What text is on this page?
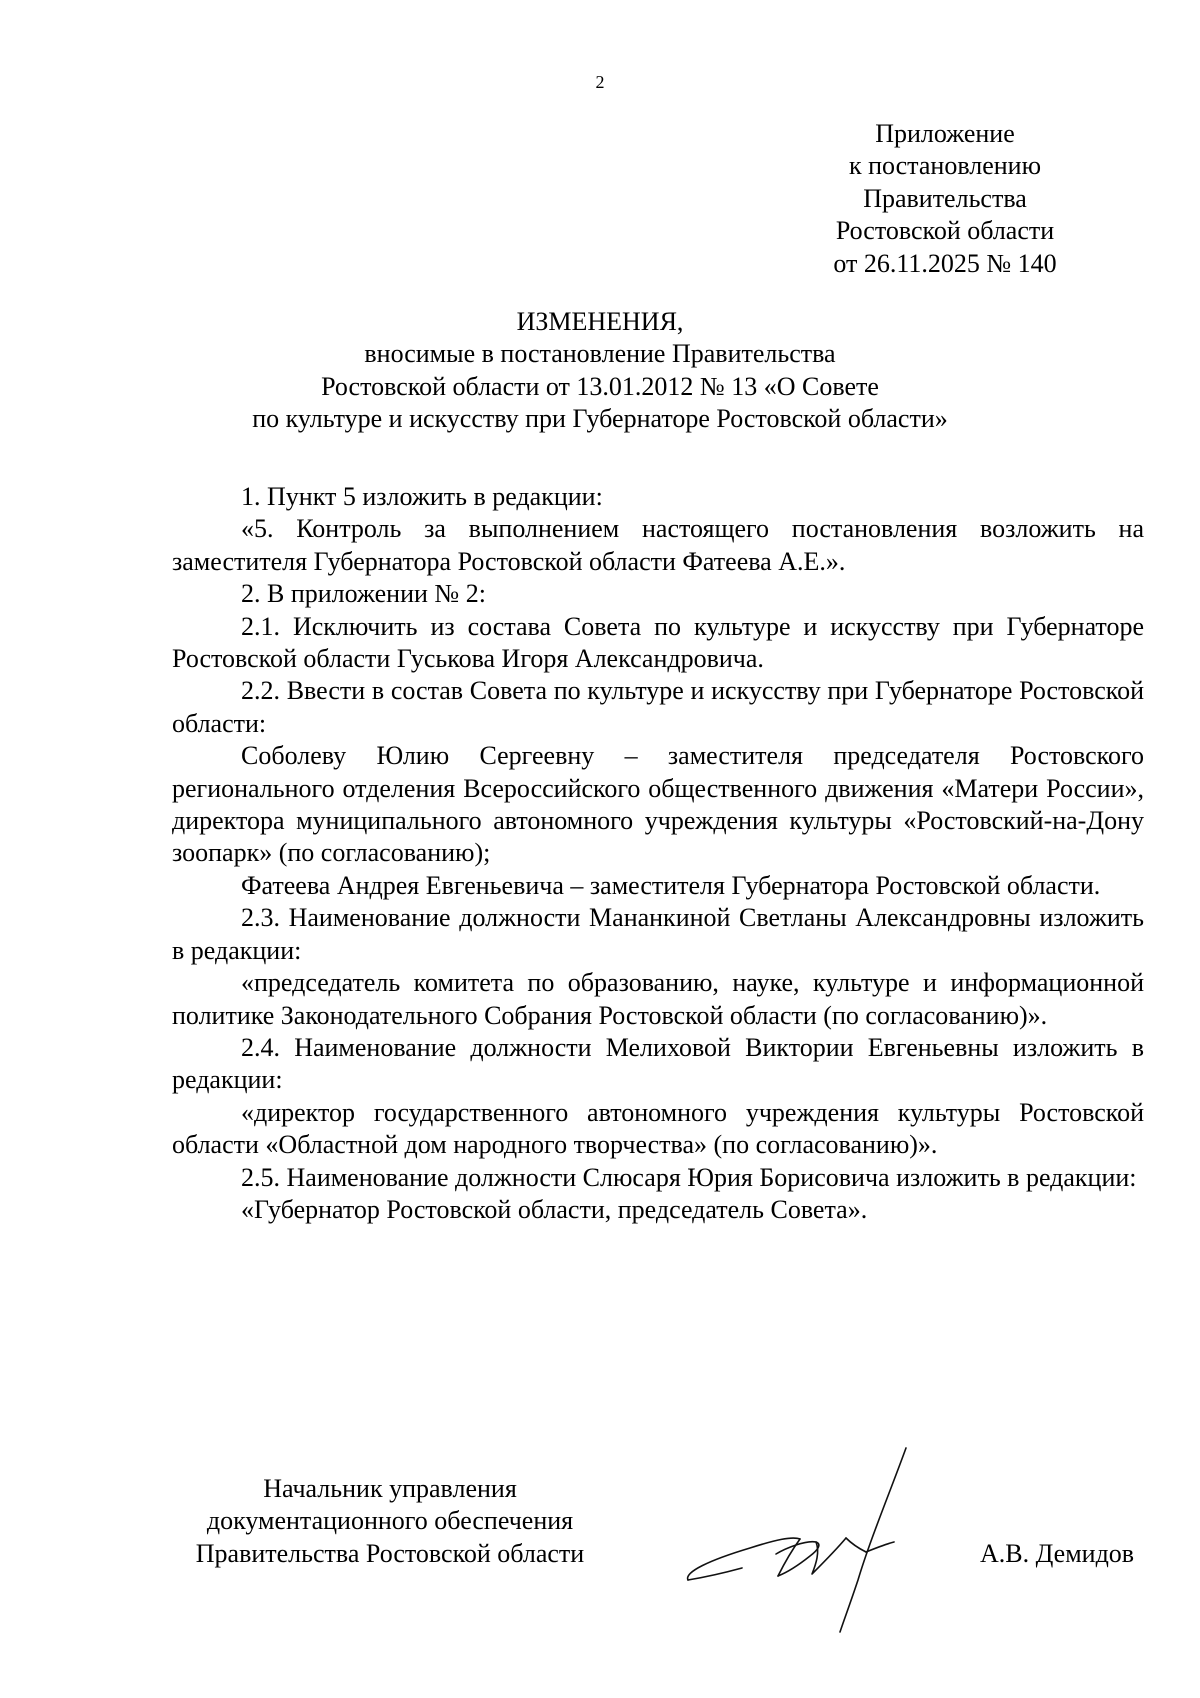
2
Приложение
к постановлению
Правительства
Ростовской области
от 26.11.2025 № 140
ИЗМЕНЕНИЯ,
вносимые в постановление Правительства
Ростовской области от 13.01.2012 № 13 «О Совете
по культуре и искусству при Губернаторе Ростовской области»

1. Пункт 5 изложить в редакции:

«5. Контроль за выполнением настоящего постановления возложить на заместителя Губернатора Ростовской области Фатеева А.Е.».

2. В приложении № 2:

2.1. Исключить из состава Совета по культуре и искусству при Губернаторе Ростовской области Гуськова Игоря Александровича.

2.2. Ввести в состав Совета по культуре и искусству при Губернаторе Ростовской области:

Соболеву Юлию Сергеевну – заместителя председателя Ростовского регионального отделения Всероссийского общественного движения «Матери России», директора муниципального автономного учреждения культуры «Ростовский-на-Дону зоопарк» (по согласованию);

Фатеева Андрея Евгеньевича – заместителя Губернатора Ростовской области.

2.3. Наименование должности Мананкиной Светланы Александровны изложить в редакции:

«председатель комитета по образованию, науке, культуре и информационной политике Законодательного Собрания Ростовской области (по согласованию)».

2.4. Наименование должности Мелиховой Виктории Евгеньевны изложить в редакции:

«директор государственного автономного учреждения культуры Ростовской области «Областной дом народного творчества» (по согласованию)».

2.5. Наименование должности Слюсаря Юрия Борисовича изложить в редакции:

«Губернатор Ростовской области, председатель Совета».

Начальник управления
документационного обеспечения
Правительства Ростовской области	А.В. Демидов
